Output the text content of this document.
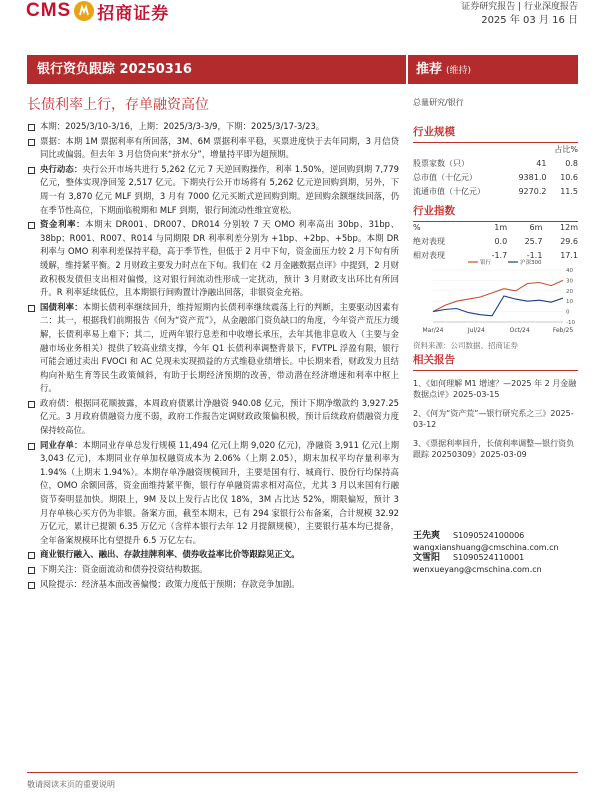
CMS 招商证券	证券研究报告 | 行业深度报告
2025 年 03 月 16 日
银行资负跟踪 20250316	推荐 (维持)
长债利率上行，存单融资高位
本期：2025/3/10-3/16，上期：2025/3/3-3/9，下期：2025/3/17-3/23。
票据：本期 1M 票据利率有所回落，3M、6M 票据利率平稳，买票进度快于去年同期，3 月信贷同比或偏弱。但去年 3 月信贷向来“挤水分”，增量持平即为超预期。
央行动态：央行公开市场共进行 5,262 亿元 7 天逆回购操作，利率 1.50%，逆回购到期 7,779 亿元，整体实现净回笼 2,517 亿元。下期央行公开市场将有 5,262 亿元逆回购到期，另外，下周一有 3,870 亿元 MLF 到期，3 月有 7000 亿元买断式逆回购到期。逆回购余额继续回落，仍在季节性高位，下期面临税期和 MLF 到期，银行间流动性维宜宽松。
资金利率：本期末 DR001、DR007、DR014 分别较 7 天 OMO 利率高出 30bp、31bp、38bp；R001、R007、R014 与同期限 DR 利率利差分别为 +1bp、+2bp、+5bp。本期 DR 利率与 OMO 利率利差保持平稳，高于季节性，但低于 2 月中下旬，资金面压力较 2 月下旬有所缓解，维持紧平衡。2 月财政主要发力时点在下旬。我们在《2 月金融数据点评》中提到，2 月财政积极发债但支出相对偏慢，这对银行间流动性形成一定扰动，预计 3 月财政支出环比有所回升。R 利率延续低位，且本期银行间购置计净融出回落，非银资金充裕。
国债利率：本期长债利率继续回升，维持短期内长债利率继续震荡上行的判断，主要驱动因素有二：其一，根据我们前期报告《何为“资产荒”》，从金融部门资负缺口的角度，今年资产荒压力缓解，长债利率易上难下；其二，近两年银行息差和中收增长承压，去年其他非息收入（主要与金融市场业务相关）提供了较高业绩支撑，今年 Q1 长债利率调整背景下，FVTPL 浮盈有限，银行可能会通过卖出 FVOCI 和 AC 兑现未实现损益的方式维稳业绩增长。中长期来看，财政发力且结构向补贴生育等民生政策倾斜，有助于长期经济预期的改善，带动潜在经济增速和利率中枢上行。
政府债：根据同花顺披露，本周政府债累计净融资 940.08 亿元，预计下期净缴款约 3,927.25 亿元。3 月政府债融资力度不弱，政府工作报告定调财政政策偏积极，预计后续政府债融资力度保持较高位。
同业存单：本期同业存单总发行规模 11,494 亿元(上期 9,020 亿元)，净融资 3,911 亿元(上期 3,043 亿元)，本期同业存单加权融资成本为 2.06%（上期 2.05），期末加权平均存量利率为 1.94%（上期末 1.94%）。本期存单净融资规模回升，主要是国有行、城商行、股份行均保持高位，OMO 余额回落，资金面维持紧平衡，银行存单融资需求相对高位，尤其 3 月以来国有行融资节奏明显加快。期限上，9M 及以上发行占比仅 18%，3M 占比达 52%，期限偏短，预计 3 月存单核心买方仍为非银。备案方面，截至本期末，已有 294 家银行公布备案，合计规模 32.92 万亿元，累计已提额 6.35 万亿元（含样本银行去年 12 月提额规模），主要银行基本均已提备，全年备案规模环比有望提升 6.5 万亿左右。
商业银行融入、融出、存款挂牌利率、债券收益率比价等跟踪见正文。
下期关注：资金面流动和债券投资结构数据。
风险提示：经济基本面改善偏慢；政策力度低于预期；存款竞争加剧。
总量研究/银行
行业规模
		占比%
股票家数（只）	41	0.8
总市值（十亿元）	9381.0	10.6
流通市值（十亿元）	9270.2	11.5
行业指数
%	1m	6m	12m
绝对表现	0.0	25.7	29.6
相对表现	-1.7	-1.1	17.1
40
30
20
10
0
-10
Mar/24	Jul/24	Oct/24	Feb/25
银行	沪深300
资料来源：公司数据、招商证券
相关报告
1、《如何理解 M1 增速？—2025 年 2 月金融数据点评》2025-03-15
2、《何为“资产荒”—银行研究系之三》2025-03-12
3、《票据利率回升，长债利率调整—银行资负跟踪 20250309》2025-03-09
王先爽 S1090524100006
wangxianshuang@cmschina.com.cn
文雪阳 S1090524110001
wenxueyang@cmschina.com.cn
敬请阅读末页的重要说明
